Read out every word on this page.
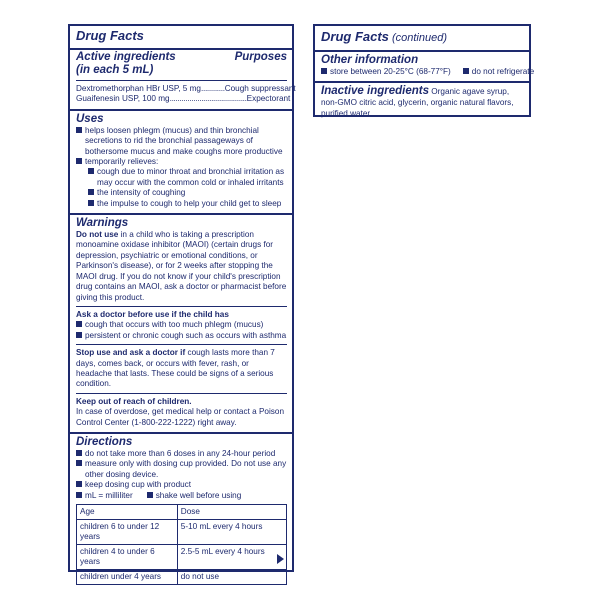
Drug Facts
Active ingredients
(in each 5 mL)
Purposes
Dextromethorphan HBr USP, 5 mg ............ Cough suppressant
Guaifenesin USP, 100 mg ....................................... Expectorant
Uses
helps loosen phlegm (mucus) and thin bronchial secretions to rid the bronchial passageways of bothersome mucus and make coughs more productive
temporarily relieves:
cough due to minor throat and bronchial irritation as may occur with the common cold or inhaled irritants
the intensity of coughing
the impulse to cough to help your child get to sleep
Warnings
Do not use in a child who is taking a prescription monoamine oxidase inhibitor (MAOI) (certain drugs for depression, psychiatric or emotional conditions, or Parkinson's disease), or for 2 weeks after stopping the MAOI drug. If you do not know if your child's prescription drug contains an MAOI, ask a doctor or pharmacist before giving this product.
Ask a doctor before use if the child has
cough that occurs with too much phlegm (mucus)
persistent or chronic cough such as occurs with asthma
Stop use and ask a doctor if cough lasts more than 7 days, comes back, or occurs with fever, rash, or headache that lasts. These could be signs of a serious condition.
Keep out of reach of children.
In case of overdose, get medical help or contact a Poison Control Center (1-800-222-1222) right away.
Directions
do not take more than 6 doses in any 24-hour period
measure only with dosing cup provided. Do not use any other dosing device.
keep dosing cup with product
mL = milliliter	shake well before using
Age	Dose
children 6 to under 12 years	5-10 mL every 4 hours
children 4 to under 6 years	2.5-5 mL every 4 hours
children under 4 years	do not use
Drug Facts (continued)
Other information
store between 20-25°C (68-77°F)	do not refrigerate
Inactive ingredients Organic agave syrup, non-GMO citric acid, glycerin, organic natural flavors, purified water
